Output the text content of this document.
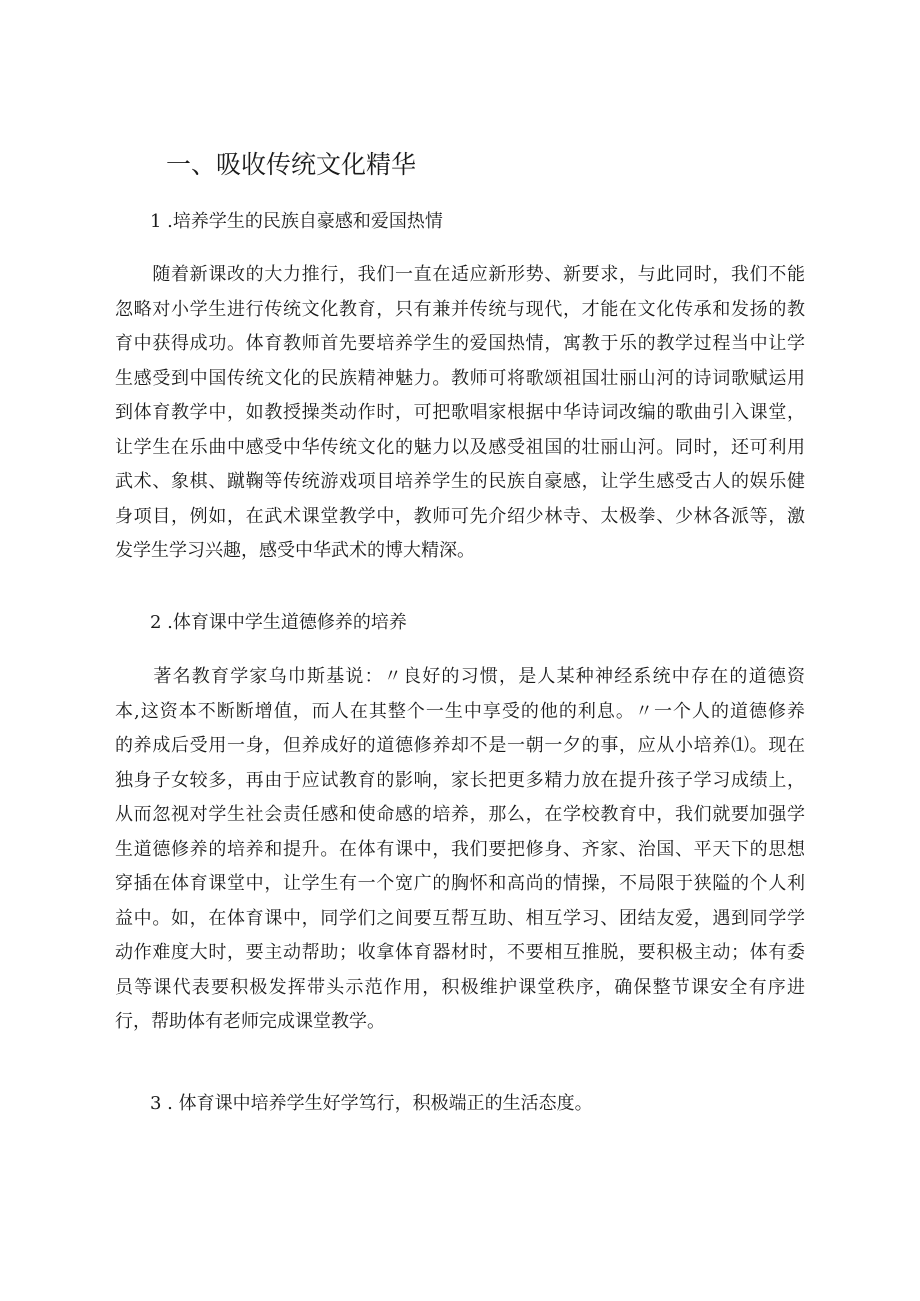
一、吸收传统文化精华
1 .培养学生的民族自豪感和爱国热情
　　随着新课改的大力推行，我们一直在适应新形势、新要求，与此同时，我们不能
忽略对小学生进行传统文化教育，只有兼并传统与现代，才能在文化传承和发扬的教
育中获得成功。体育教师首先要培养学生的爱国热情，寓教于乐的教学过程当中让学
生感受到中国传统文化的民族精神魅力。教师可将歌颂祖国壮丽山河的诗词歌赋运用
到体育教学中，如教授操类动作时，可把歌唱家根据中华诗词改编的歌曲引入课堂，
让学生在乐曲中感受中华传统文化的魅力以及感受祖国的壮丽山河。同时，还可利用
武术、象棋、蹴鞠等传统游戏项目培养学生的民族自豪感，让学生感受古人的娱乐健
身项目，例如，在武术课堂教学中，教师可先介绍少林寺、太极拳、少林各派等，激
发学生学习兴趣，感受中华武术的博大精深。
2 .体育课中学生道德修养的培养
　　著名教育学家乌巾斯基说：〃良好的习惯，是人某种神经系统中存在的道德资
本,这资本不断断增值，而人在其整个一生中享受的他的利息。〃一个人的道德修养
的养成后受用一身，但养成好的道德修养却不是一朝一夕的事，应从小培养⑴。现在
独身子女较多，再由于应试教育的影响，家长把更多精力放在提升孩子学习成绩上，
从而忽视对学生社会责任感和使命感的培养，那么，在学校教育中，我们就要加强学
生道德修养的培养和提升。在体有课中，我们要把修身、齐家、治国、平天下的思想
穿插在体育课堂中，让学生有一个宽广的胸怀和高尚的情操，不局限于狭隘的个人利
益中。如，在体育课中，同学们之间要互帮互助、相互学习、团结友爱，遇到同学学
动作难度大时，要主动帮助；收拿体育器材时，不要相互推脱，要积极主动；体有委
员等课代表要积极发挥带头示范作用，积极维护课堂秩序，确保整节课安全有序进
行，帮助体有老师完成课堂教学。
3 . 体育课中培养学生好学笃行，积极端正的生活态度。
